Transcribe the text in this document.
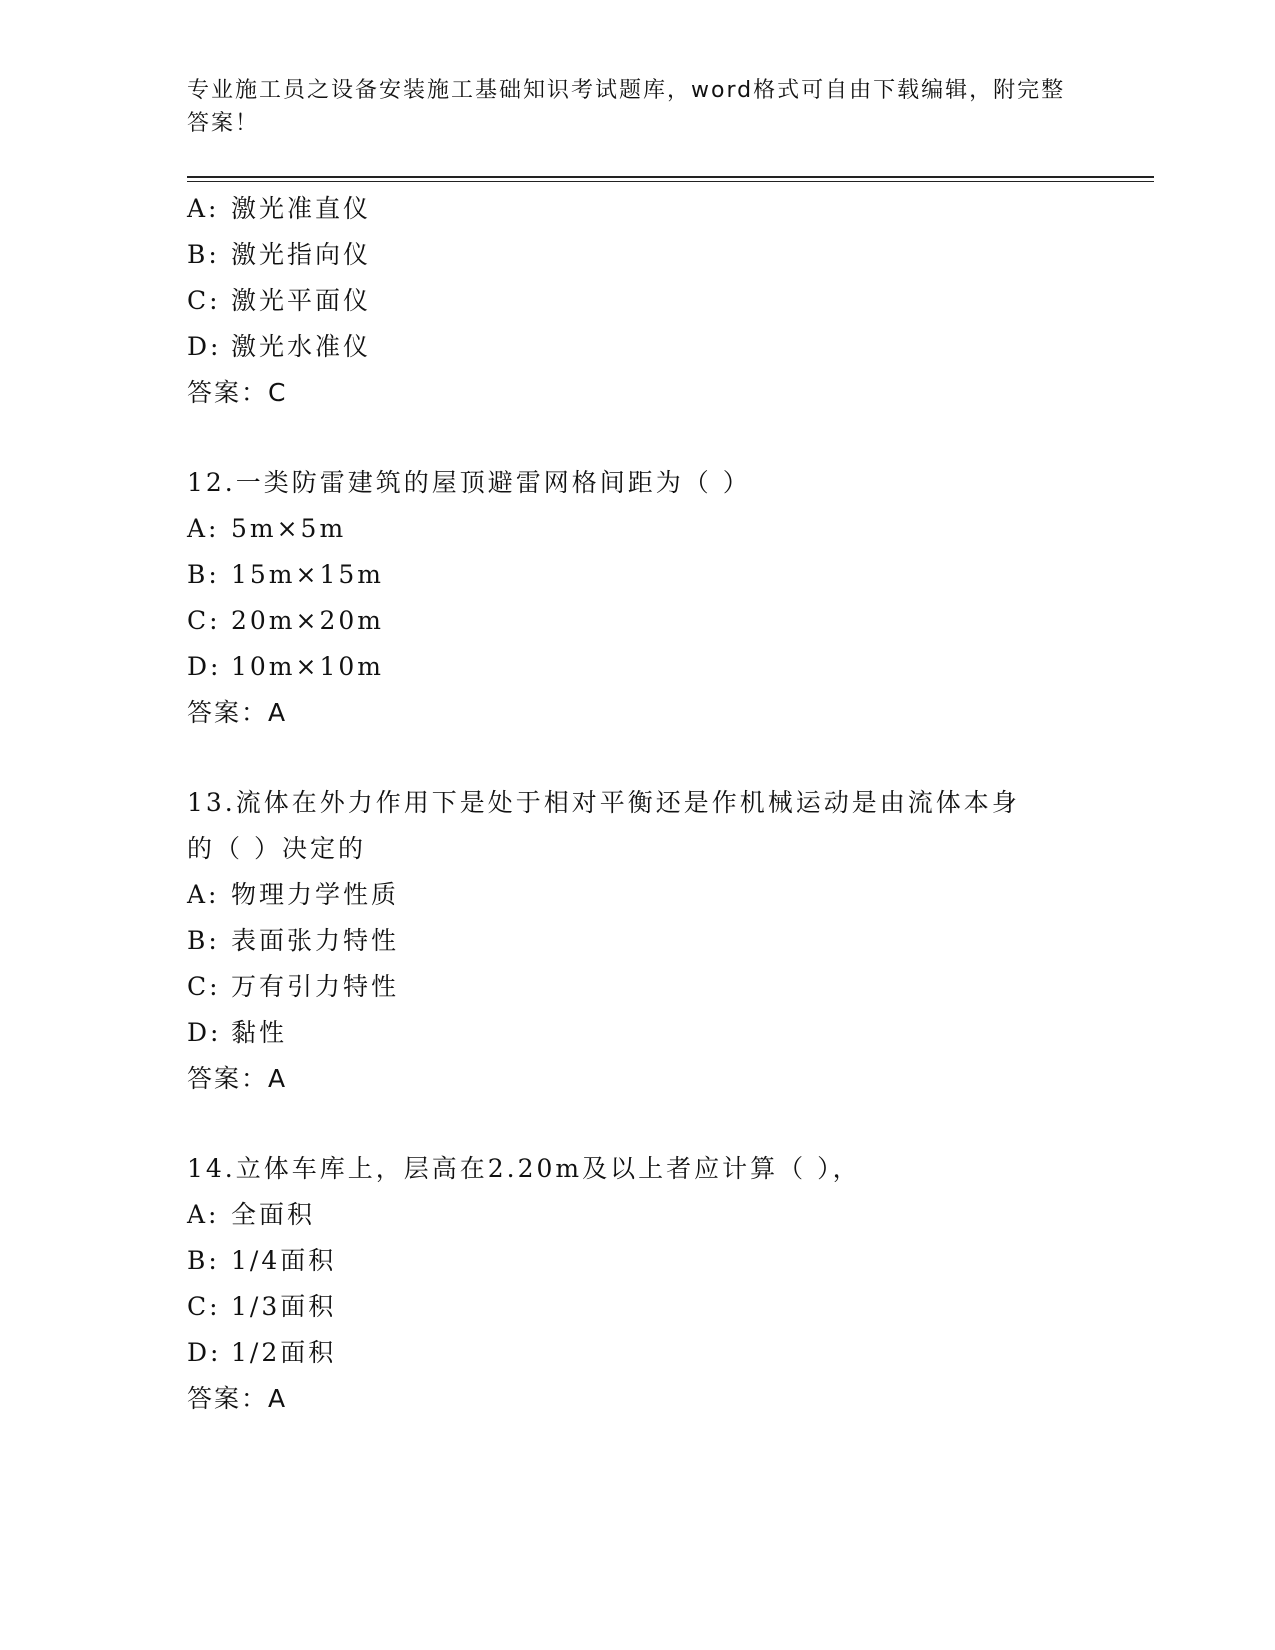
专业施工员之设备安装施工基础知识考试题库，word格式可自由下载编辑，附完整答案！
A: 激光准直仪
B: 激光指向仪
C: 激光平面仪
D: 激光水准仪
答案：C
12.一类防雷建筑的屋顶避雷网格间距为（ ）
A: 5m×5m
B: 15m×15m
C: 20m×20m
D: 10m×10m
答案：A
13.流体在外力作用下是处于相对平衡还是作机械运动是由流体本身的（ ）决定的
A: 物理力学性质
B: 表面张力特性
C: 万有引力特性
D: 黏性
答案：A
14.立体车库上，层高在2.20m及以上者应计算（ ），
A: 全面积
B: 1/4面积
C: 1/3面积
D: 1/2面积
答案：A
